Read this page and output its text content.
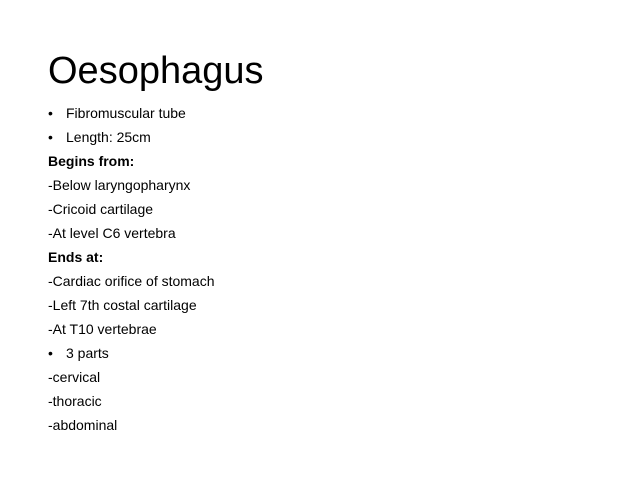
Oesophagus
• Fibromuscular tube
• Length: 25cm
Begins from:
-Below laryngopharynx
-Cricoid cartilage
-At level C6 vertebra
Ends at:
-Cardiac orifice of stomach
-Left 7th costal cartilage
-At T10 vertebrae
• 3 parts
-cervical
-thoracic
-abdominal
